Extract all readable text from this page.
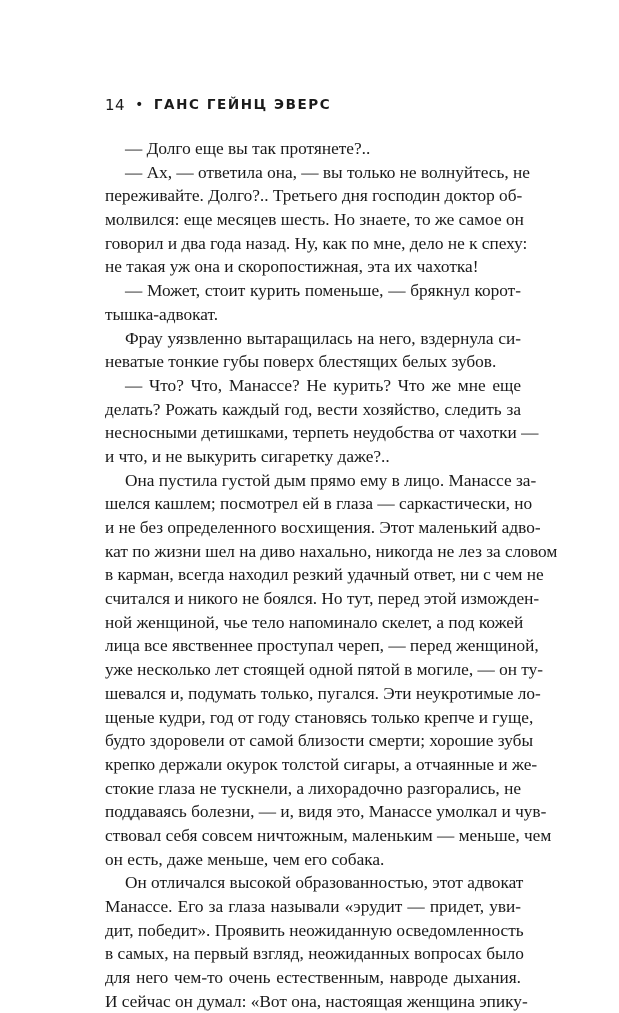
14 • ГАНС ГЕЙНЦ ЭВЕРС
— Долго еще вы так протянете?..
— Ах, — ответила она, — вы только не волнуйтесь, не
переживайте. Долго?.. Третьего дня господин доктор об-
молвился: еще месяцев шесть. Но знаете, то же самое он
говорил и два года назад. Ну, как по мне, дело не к спеху:
не такая уж она и скоропостижная, эта их чахотка!
— Может, стоит курить поменьше, — брякнул корот-
тышка-адвокат.
Фрау уязвленно вытаращилась на него, вздернула си-
неватые тонкие губы поверх блестящих белых зубов.
— Что? Что, Манассе? Не курить? Что же мне еще
делать? Рожать каждый год, вести хозяйство, следить за
несносными детишками, терпеть неудобства от чахотки —
и что, и не выкурить сигаретку даже?..
Она пустила густой дым прямо ему в лицо. Манассе за-
шелся кашлем; посмотрел ей в глаза — саркастически, но
и не без определенного восхищения. Этот маленький адво-
кат по жизни шел на диво нахально, никогда не лез за словом
в карман, всегда находил резкий удачный ответ, ни с чем не
считался и никого не боялся. Но тут, перед этой изможден-
ной женщиной, чье тело напоминало скелет, а под кожей
лица все явственнее проступал череп, — перед женщиной,
уже несколько лет стоящей одной пятой в могиле, — он ту-
шевался и, подумать только, пугался. Эти неукротимые ло-
щеные кудри, год от году становясь только крепче и гуще,
будто здоровели от самой близости смерти; хорошие зубы
крепко держали окурок толстой сигары, а отчаянные и же-
стокие глаза не тускнели, а лихорадочно разгорались, не
поддаваясь болезни, — и, видя это, Манассе умолкал и чув-
ствовал себя совсем ничтожным, маленьким — меньше, чем
он есть, даже меньше, чем его собака.
Он отличался высокой образованностью, этот адвокат
Манассе. Его за глаза называли «эрудит — придет, уви-
дит, победит». Проявить неожиданную осведомленность
в самых, на первый взгляд, неожиданных вопросах было
для него чем-то очень естественным, навроде дыхания.
И сейчас он думал: «Вот она, настоящая женщина эпику-
